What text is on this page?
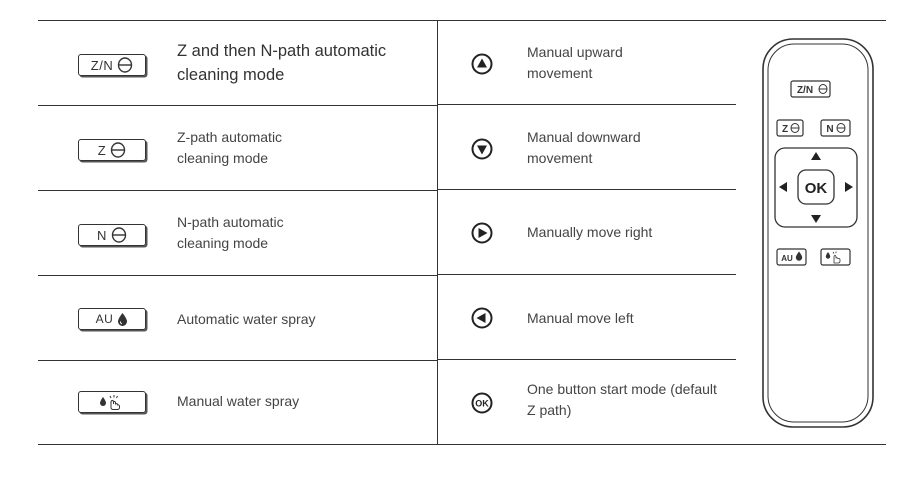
Z/N
Z and then N-path automatic cleaning mode
Z
Z-path automatic cleaning mode
N
N-path automatic cleaning mode
AU	Automatic water spray
Manual water spray
Manual upward movement
Manual downward movement
Manually move right
Manual move left
OK
One button start mode (default Z path)
Z/N
Z	N
OK
AU
